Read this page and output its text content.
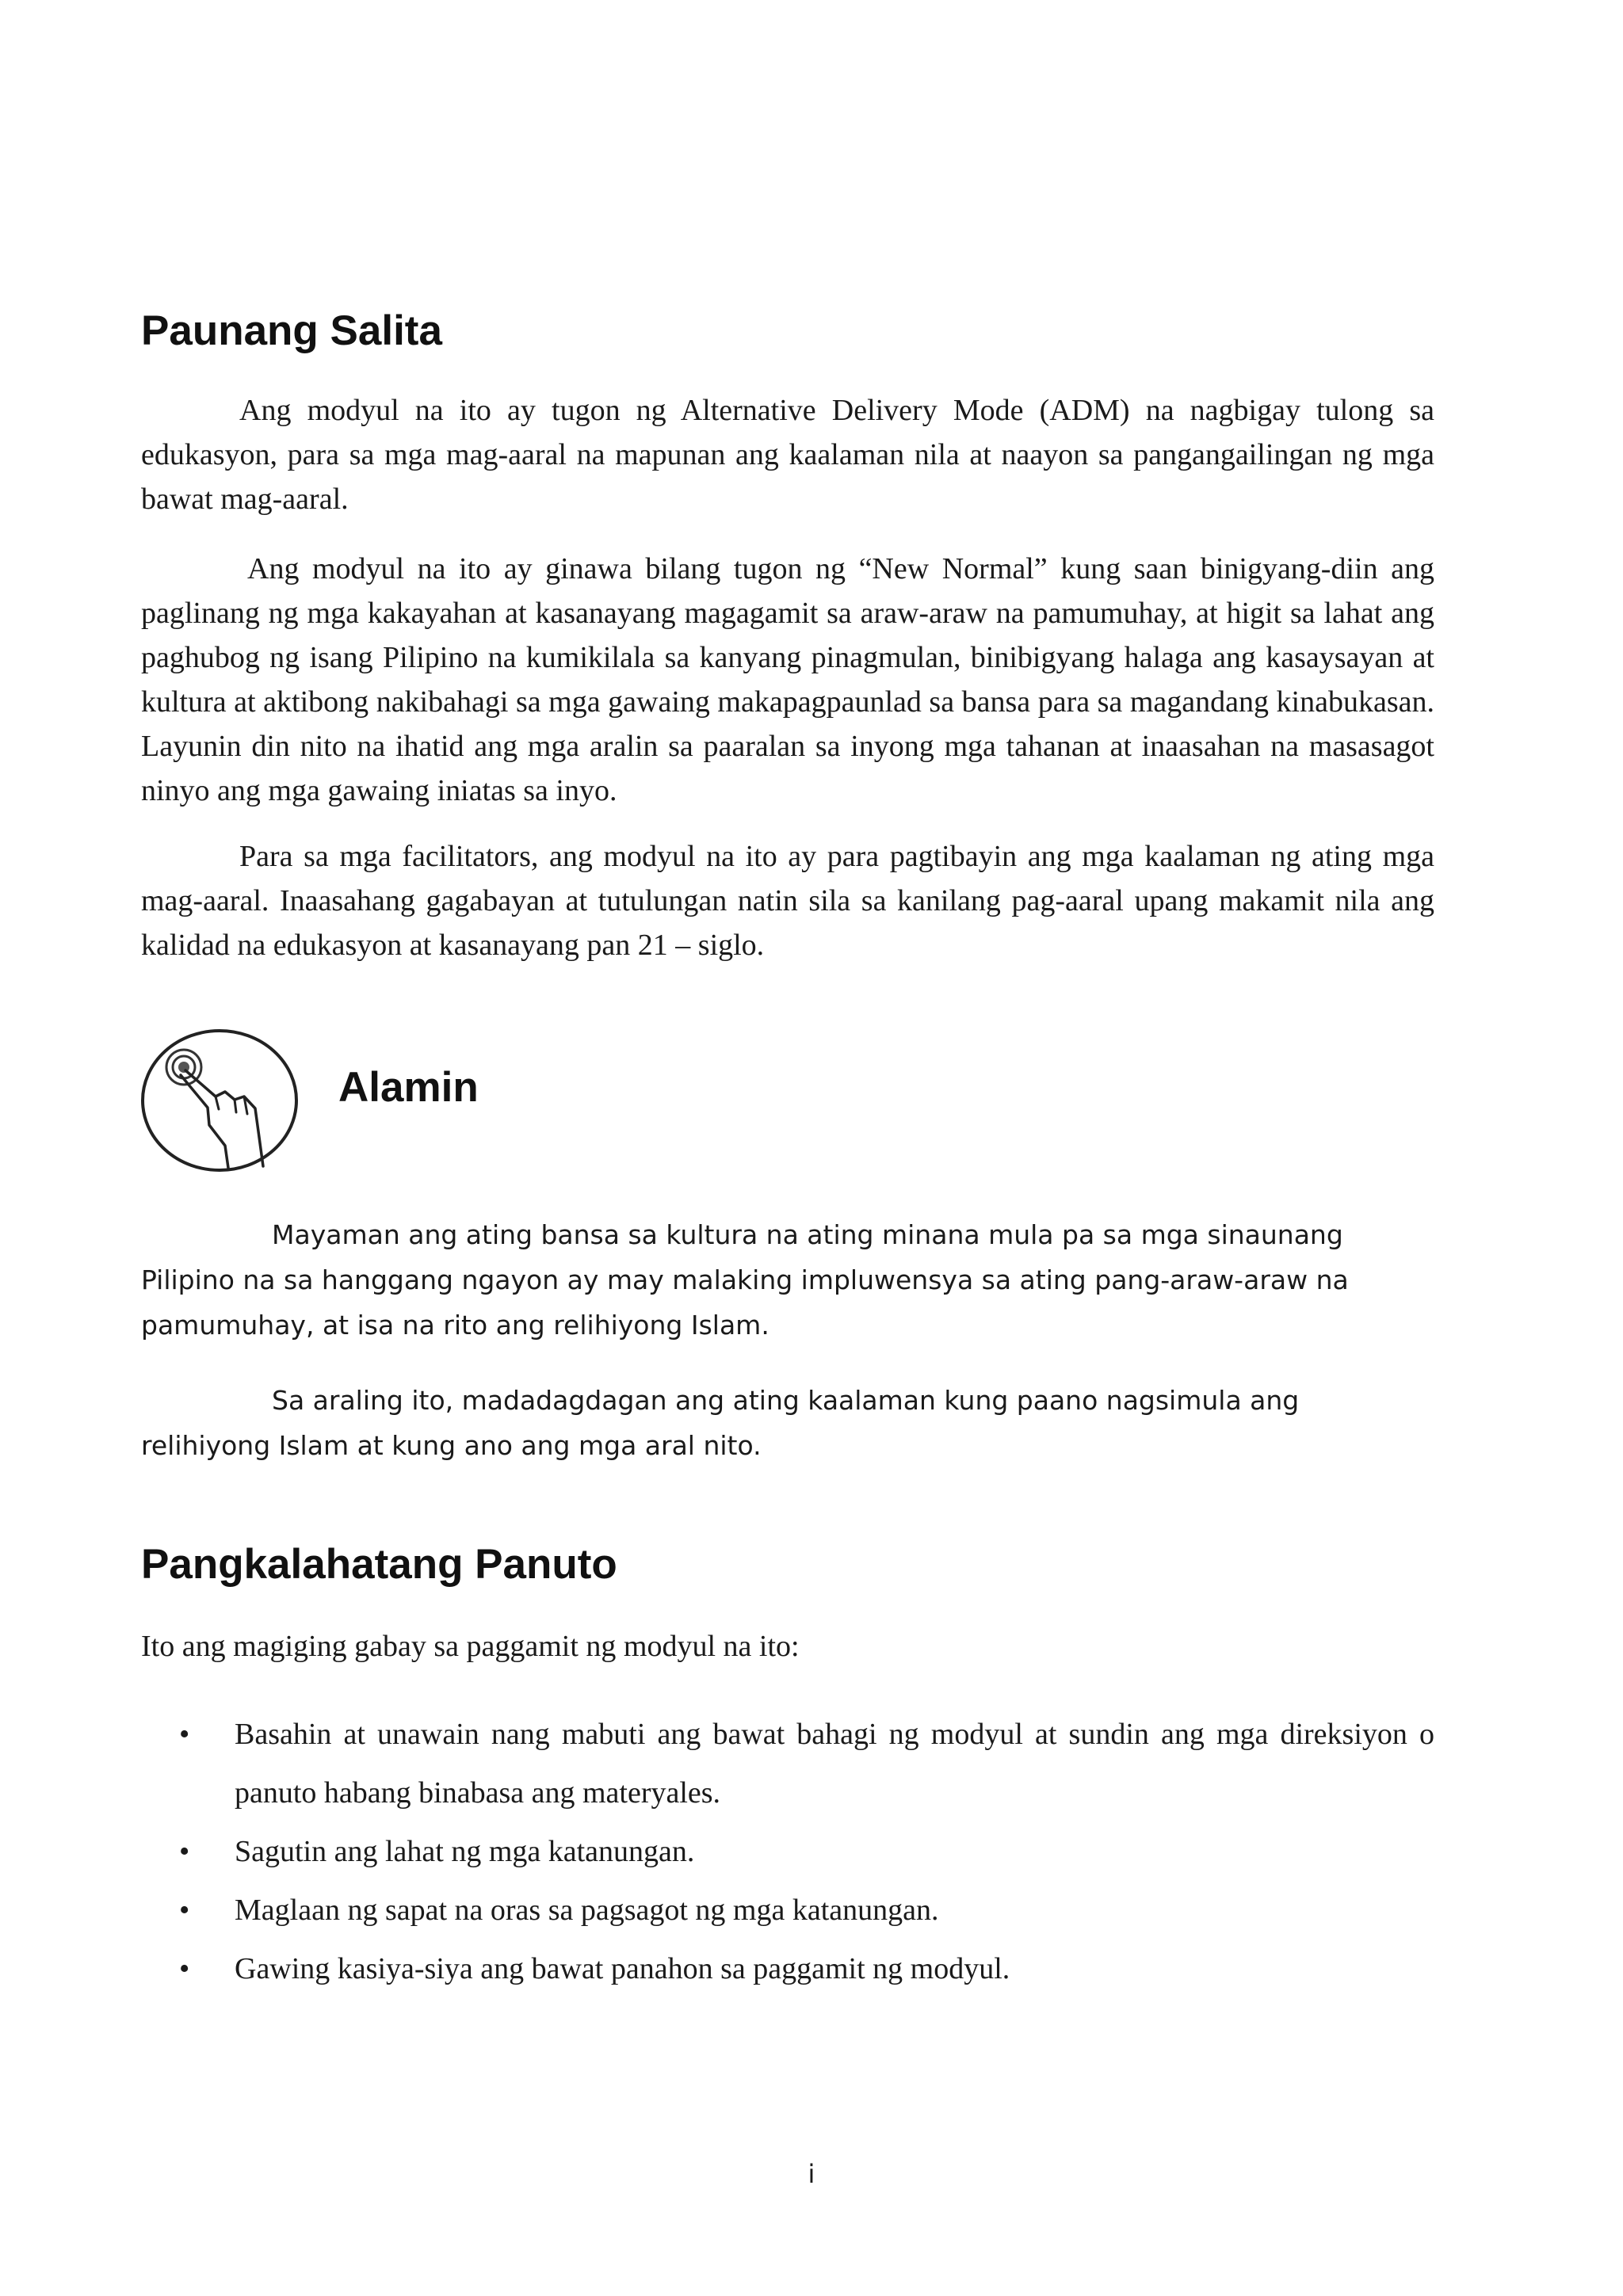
Paunang Salita

Ang modyul na ito ay tugon ng Alternative Delivery Mode (ADM) na nagbigay tulong sa edukasyon, para sa mga mag-aaral na mapunan ang kaalaman nila at naayon sa pangangailingan ng mga bawat mag-aaral.

Ang modyul na ito ay ginawa bilang tugon ng “New Normal” kung saan binigyang-diin ang paglinang ng mga kakayahan at kasanayang magagamit sa araw-araw na pamumuhay, at higit sa lahat ang paghubog ng isang Pilipino na kumikilala sa kanyang pinagmulan, binibigyang halaga ang kasaysayan at kultura at aktibong nakibahagi sa mga gawaing makapagpaunlad sa bansa para sa magandang kinabukasan. Layunin din nito na ihatid ang mga aralin sa paaralan sa inyong mga tahanan at inaasahan na masasagot ninyo ang mga gawaing iniatas sa inyo.

Para sa mga facilitators, ang modyul na ito ay para pagtibayin ang mga kaalaman ng ating mga mag-aaral. Inaasahang gagabayan at tutulungan natin sila sa kanilang pag-aaral upang makamit nila ang kalidad na edukasyon at kasanayang pan 21 – siglo.

Alamin

Mayaman ang ating bansa sa kultura na ating minana mula pa sa mga sinaunang Pilipino na sa hanggang ngayon ay may malaking impluwensya sa ating pang-araw-araw na pamumuhay, at isa na rito ang relihiyong Islam.

Sa araling ito, madadagdagan ang ating kaalaman kung paano nagsimula ang relihiyong Islam at kung ano ang mga aral nito.

Pangkalahatang Panuto

Ito ang magiging gabay sa paggamit ng modyul na ito:

• Basahin at unawain nang mabuti ang bawat bahagi ng modyul at sundin ang mga direksiyon o panuto habang binabasa ang materyales.
• Sagutin ang lahat ng mga katanungan.
• Maglaan ng sapat na oras sa pagsagot ng mga katanungan.
• Gawing kasiya-siya ang bawat panahon sa paggamit ng modyul.
i
